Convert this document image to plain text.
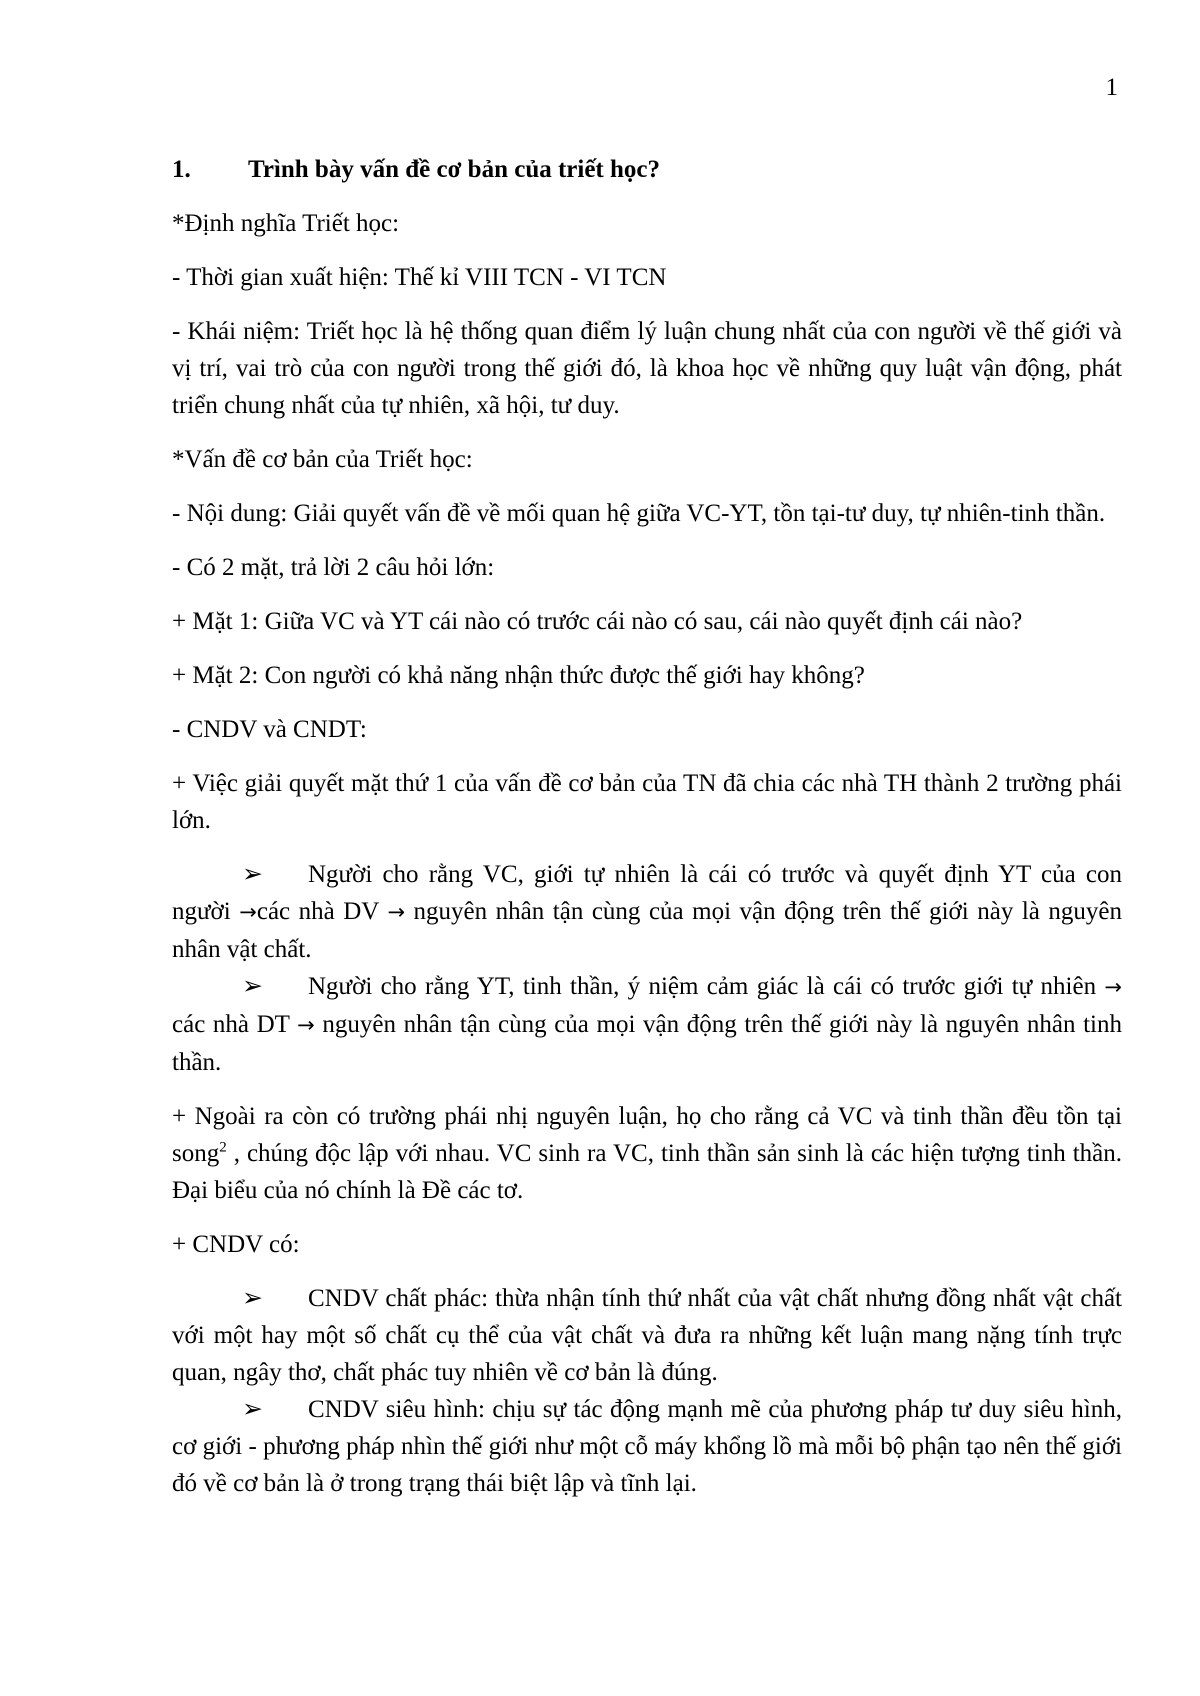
1
1. Trình bày vấn đề cơ bản của triết học?

*Định nghĩa Triết học:

- Thời gian xuất hiện: Thế kỉ VIII TCN - VI TCN

- Khái niệm: Triết học là hệ thống quan điểm lý luận chung nhất của con người về thế giới và vị trí, vai trò của con người trong thế giới đó, là khoa học về những quy luật vận động, phát triển chung nhất của tự nhiên, xã hội, tư duy.

*Vấn đề cơ bản của Triết học:

- Nội dung: Giải quyết vấn đề về mối quan hệ giữa VC-YT, tồn tại-tư duy, tự nhiên-tinh thần.

- Có 2 mặt, trả lời 2 câu hỏi lớn:

+ Mặt 1: Giữa VC và YT cái nào có trước cái nào có sau, cái nào quyết định cái nào?

+ Mặt 2: Con người có khả năng nhận thức được thế giới hay không?

- CNDV và CNDT:

+ Việc giải quyết mặt thứ 1 của vấn đề cơ bản của TN đã chia các nhà TH thành 2 trường phái lớn.

➢ Người cho rằng VC, giới tự nhiên là cái có trước và quyết định YT của con người →các nhà DV → nguyên nhân tận cùng của mọi vận động trên thế giới này là nguyên nhân vật chất.
➢ Người cho rằng YT, tinh thần, ý niệm cảm giác là cái có trước giới tự nhiên → các nhà DT → nguyên nhân tận cùng của mọi vận động trên thế giới này là nguyên nhân tinh thần.

+ Ngoài ra còn có trường phái nhị nguyên luận, họ cho rằng cả VC và tinh thần đều tồn tại song$^2$ , chúng độc lập với nhau. VC sinh ra VC, tinh thần sản sinh là các hiện tượng tinh thần. Đại biểu của nó chính là Đề các tơ.

+ CNDV có:

➢ CNDV chất phác: thừa nhận tính thứ nhất của vật chất nhưng đồng nhất vật chất với một hay một số chất cụ thể của vật chất và đưa ra những kết luận mang nặng tính trực quan, ngây thơ, chất phác tuy nhiên về cơ bản là đúng.
➢ CNDV siêu hình: chịu sự tác động mạnh mẽ của phương pháp tư duy siêu hình, cơ giới - phương pháp nhìn thế giới như một cỗ máy khổng lồ mà mỗi bộ phận tạo nên thế giới đó về cơ bản là ở trong trạng thái biệt lập và tĩnh lại.
